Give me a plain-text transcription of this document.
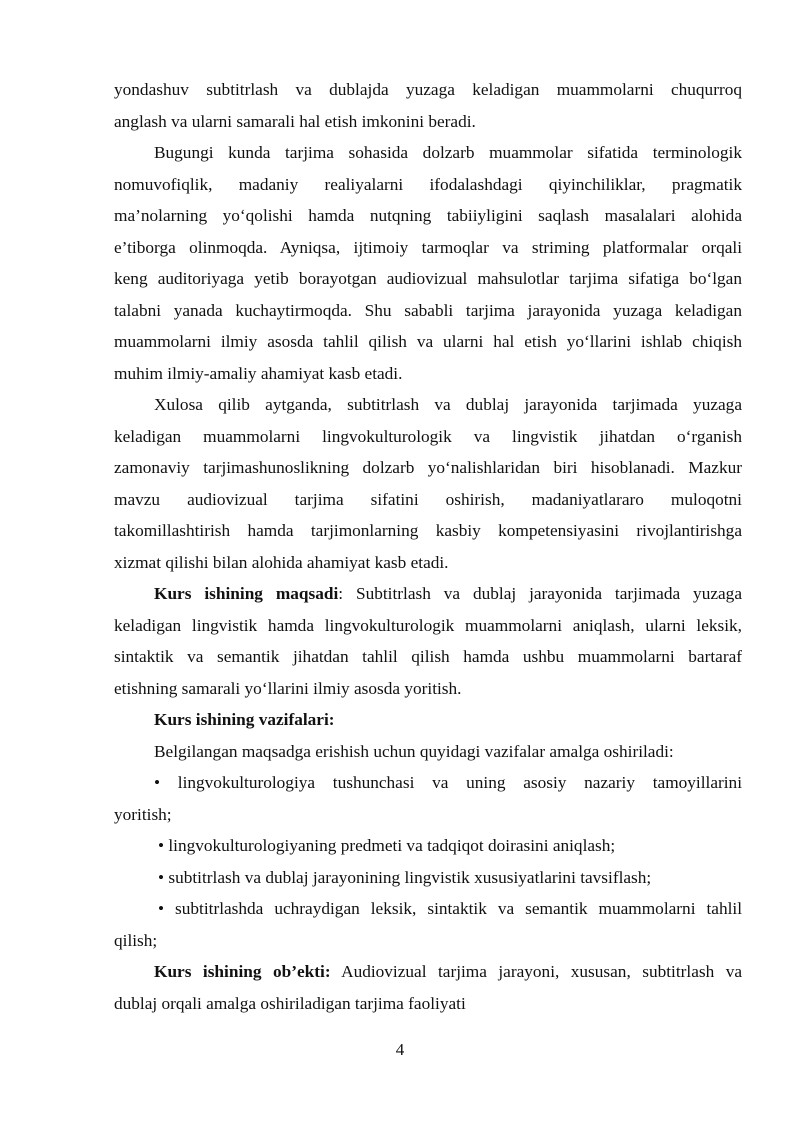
yondashuv subtitrlash va dublajda yuzaga keladigan muammolarni chuqurroq
anglash va ularni samarali hal etish imkonini beradi.
Bugungi kunda tarjima sohasida dolzarb muammolar sifatida terminologik
nomuvofiqlik, madaniy realiyalarni ifodalashdagi qiyinchiliklar, pragmatik
ma’nolarning yo‘qolishi hamda nutqning tabiiyligini saqlash masalalari alohida
e’tiborga olinmoqda. Ayniqsa, ijtimoiy tarmoqlar va striming platformalar orqali
keng auditoriyaga yetib borayotgan audiovizual mahsulotlar tarjima sifatiga bo‘lgan
talabni yanada kuchaytirmoqda. Shu sababli tarjima jarayonida yuzaga keladigan
muammolarni ilmiy asosda tahlil qilish va ularni hal etish yo‘llarini ishlab chiqish
muhim ilmiy-amaliy ahamiyat kasb etadi.
Xulosa qilib aytganda, subtitrlash va dublaj jarayonida tarjimada yuzaga
keladigan muammolarni lingvokulturologik va lingvistik jihatdan o‘rganish
zamonaviy tarjimashunoslikning dolzarb yo‘nalishlaridan biri hisoblanadi. Mazkur
mavzu audiovizual tarjima sifatini oshirish, madaniyatlararo muloqotni
takomillashtirish hamda tarjimonlarning kasbiy kompetensiyasini rivojlantirishga
xizmat qilishi bilan alohida ahamiyat kasb etadi.
Kurs ishining maqsadi: Subtitrlash va dublaj jarayonida tarjimada yuzaga
keladigan lingvistik hamda lingvokulturologik muammolarni aniqlash, ularni leksik,
sintaktik va semantik jihatdan tahlil qilish hamda ushbu muammolarni bartaraf
etishning samarali yo‘llarini ilmiy asosda yoritish.
Kurs ishining vazifalari:
Belgilangan maqsadga erishish uchun quyidagi vazifalar amalga oshiriladi:
• lingvokulturologiya tushunchasi va uning asosiy nazariy tamoyillarini
yoritish;
• lingvokulturologiyaning predmeti va tadqiqot doirasini aniqlash;
• subtitrlash va dublaj jarayonining lingvistik xususiyatlarini tavsiflash;
• subtitrlashda uchraydigan leksik, sintaktik va semantik muammolarni tahlil
qilish;
Kurs ishining ob’ekti: Audiovizual tarjima jarayoni, xususan, subtitrlash va
dublaj orqali amalga oshiriladigan tarjima faoliyati
4
